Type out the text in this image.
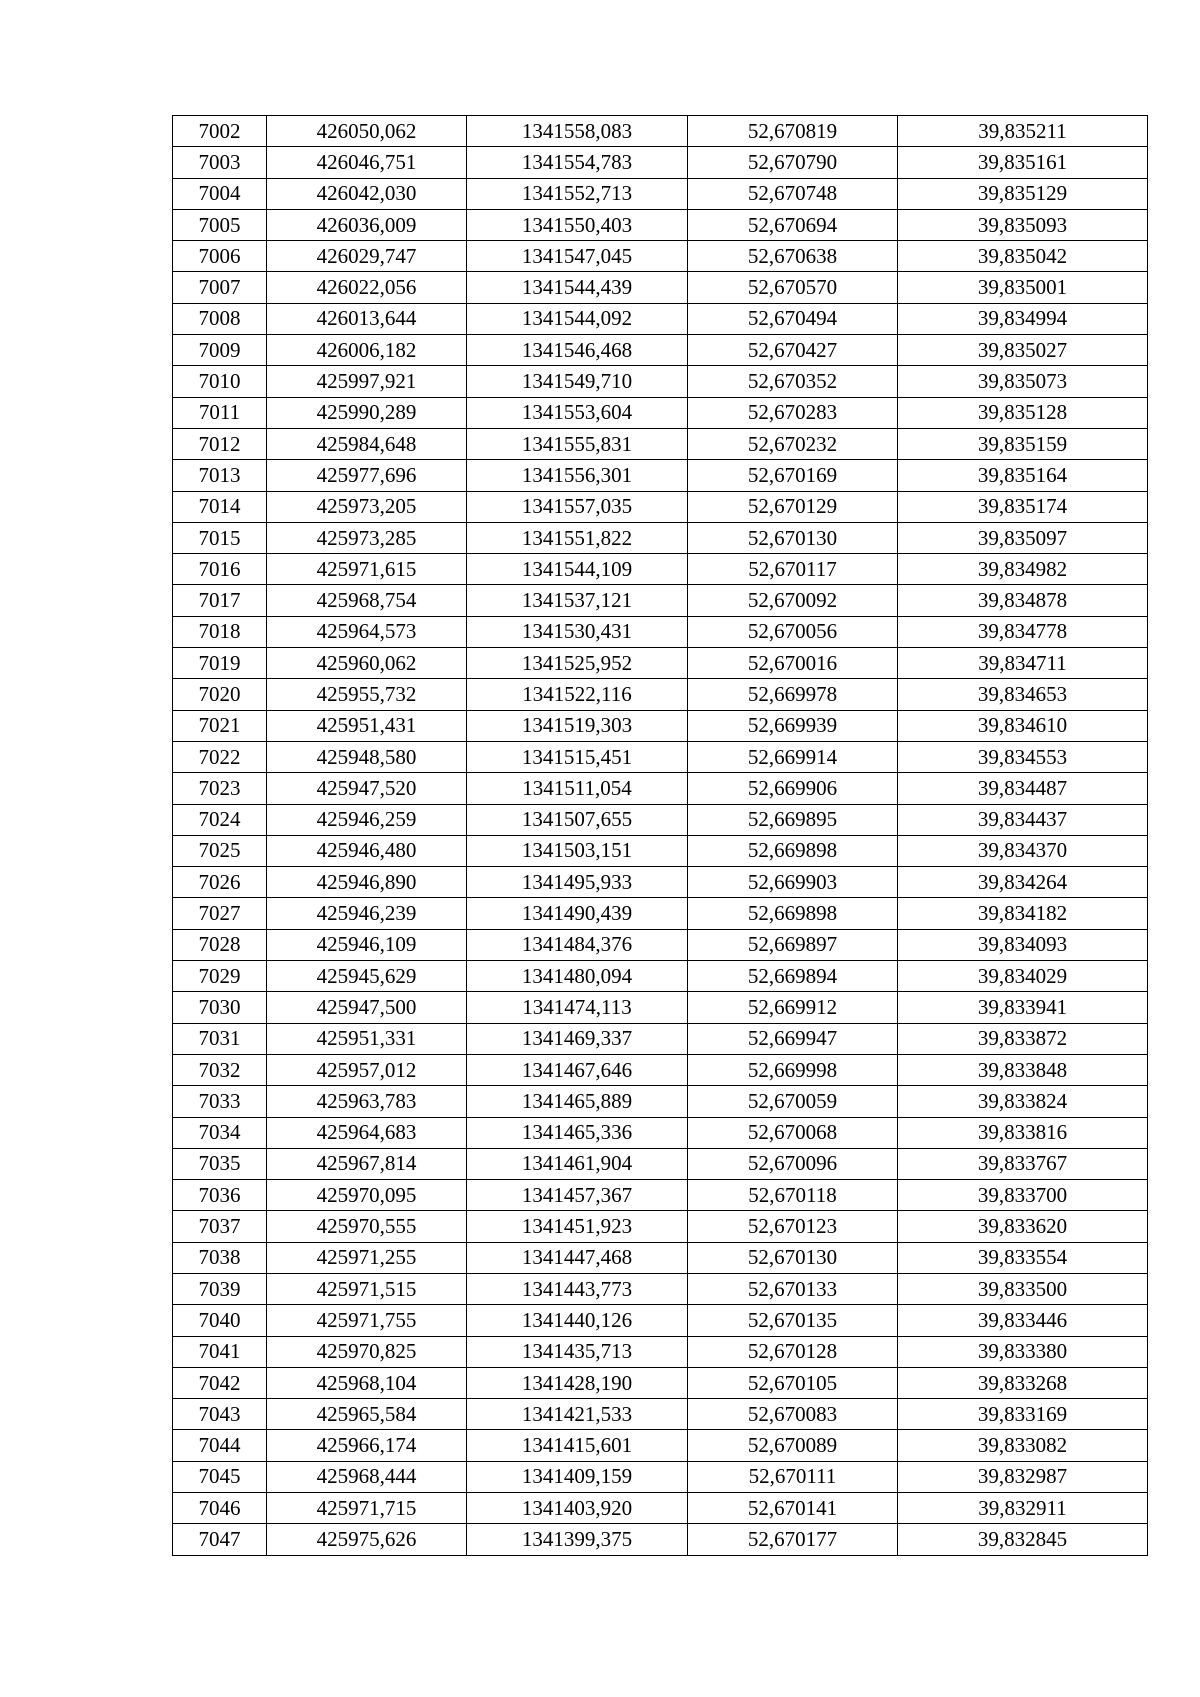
7002	426050,062	1341558,083	52,670819	39,835211
7003	426046,751	1341554,783	52,670790	39,835161
7004	426042,030	1341552,713	52,670748	39,835129
7005	426036,009	1341550,403	52,670694	39,835093
7006	426029,747	1341547,045	52,670638	39,835042
7007	426022,056	1341544,439	52,670570	39,835001
7008	426013,644	1341544,092	52,670494	39,834994
7009	426006,182	1341546,468	52,670427	39,835027
7010	425997,921	1341549,710	52,670352	39,835073
7011	425990,289	1341553,604	52,670283	39,835128
7012	425984,648	1341555,831	52,670232	39,835159
7013	425977,696	1341556,301	52,670169	39,835164
7014	425973,205	1341557,035	52,670129	39,835174
7015	425973,285	1341551,822	52,670130	39,835097
7016	425971,615	1341544,109	52,670117	39,834982
7017	425968,754	1341537,121	52,670092	39,834878
7018	425964,573	1341530,431	52,670056	39,834778
7019	425960,062	1341525,952	52,670016	39,834711
7020	425955,732	1341522,116	52,669978	39,834653
7021	425951,431	1341519,303	52,669939	39,834610
7022	425948,580	1341515,451	52,669914	39,834553
7023	425947,520	1341511,054	52,669906	39,834487
7024	425946,259	1341507,655	52,669895	39,834437
7025	425946,480	1341503,151	52,669898	39,834370
7026	425946,890	1341495,933	52,669903	39,834264
7027	425946,239	1341490,439	52,669898	39,834182
7028	425946,109	1341484,376	52,669897	39,834093
7029	425945,629	1341480,094	52,669894	39,834029
7030	425947,500	1341474,113	52,669912	39,833941
7031	425951,331	1341469,337	52,669947	39,833872
7032	425957,012	1341467,646	52,669998	39,833848
7033	425963,783	1341465,889	52,670059	39,833824
7034	425964,683	1341465,336	52,670068	39,833816
7035	425967,814	1341461,904	52,670096	39,833767
7036	425970,095	1341457,367	52,670118	39,833700
7037	425970,555	1341451,923	52,670123	39,833620
7038	425971,255	1341447,468	52,670130	39,833554
7039	425971,515	1341443,773	52,670133	39,833500
7040	425971,755	1341440,126	52,670135	39,833446
7041	425970,825	1341435,713	52,670128	39,833380
7042	425968,104	1341428,190	52,670105	39,833268
7043	425965,584	1341421,533	52,670083	39,833169
7044	425966,174	1341415,601	52,670089	39,833082
7045	425968,444	1341409,159	52,670111	39,832987
7046	425971,715	1341403,920	52,670141	39,832911
7047	425975,626	1341399,375	52,670177	39,832845
